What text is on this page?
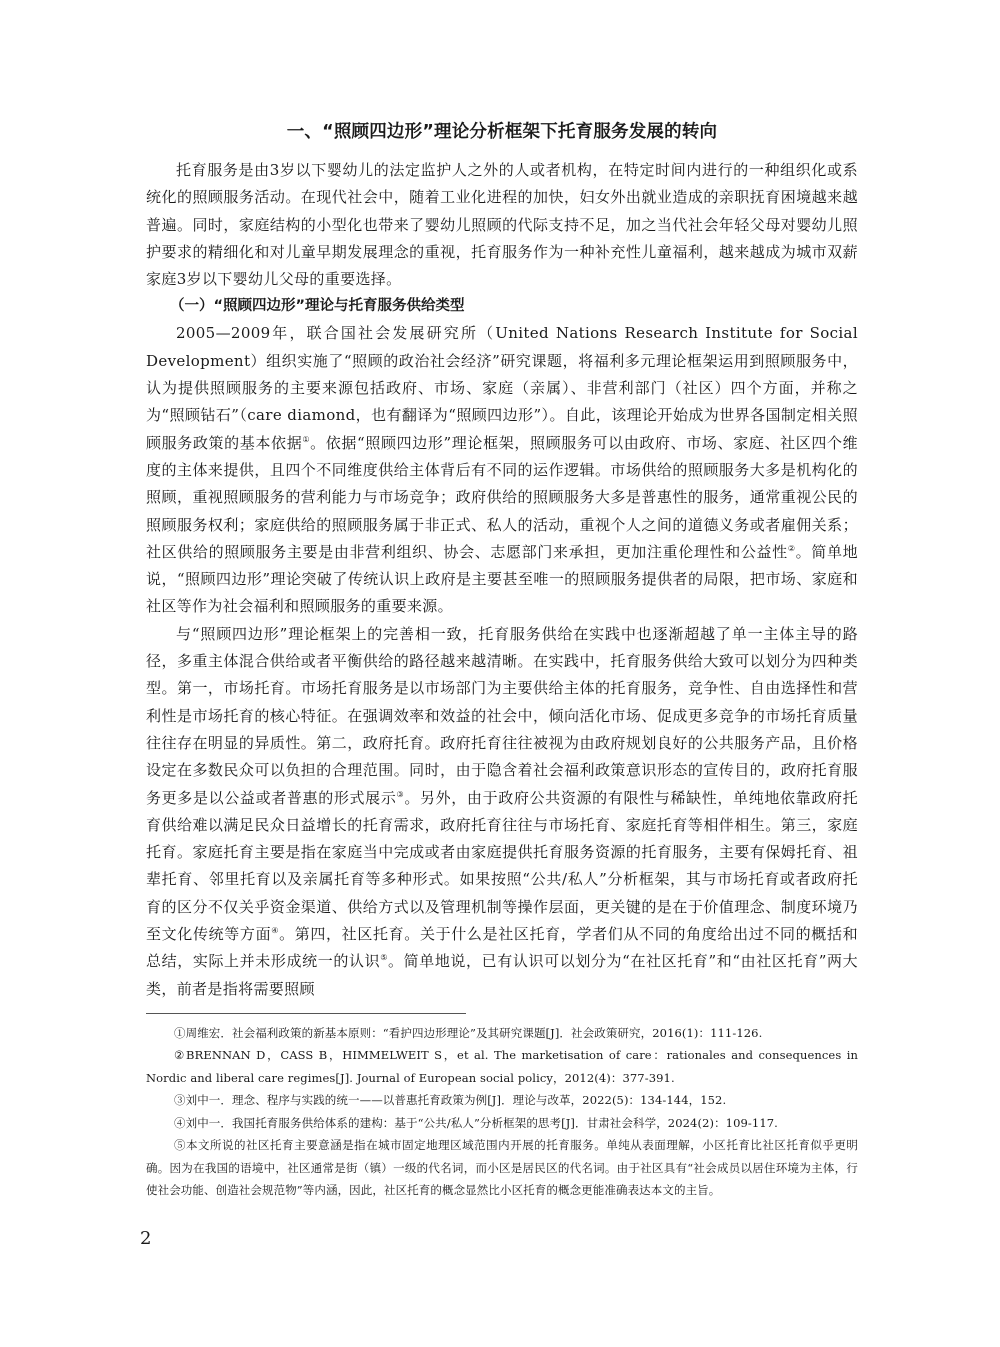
一、“照顾四边形”理论分析框架下托育服务发展的转向

托育服务是由3岁以下婴幼儿的法定监护人之外的人或者机构，在特定时间内进行的一种组织化或系统化的照顾服务活动。在现代社会中，随着工业化进程的加快，妇女外出就业造成的亲职抚育困境越来越普遍。同时，家庭结构的小型化也带来了婴幼儿照顾的代际支持不足，加之当代社会年轻父母对婴幼儿照护要求的精细化和对儿童早期发展理念的重视，托育服务作为一种补充性儿童福利，越来越成为城市双薪家庭3岁以下婴幼儿父母的重要选择。

（一）“照顾四边形”理论与托育服务供给类型

2005—2009年，联合国社会发展研究所（United Nations Research Institute for Social Development）组织实施了“照顾的政治社会经济”研究课题，将福利多元理论框架运用到照顾服务中，认为提供照顾服务的主要来源包括政府、市场、家庭（亲属）、非营利部门（社区）四个方面，并称之为“照顾钻石”（care diamond，也有翻译为“照顾四边形”）。自此，该理论开始成为世界各国制定相关照顾服务政策的基本依据①。依据“照顾四边形”理论框架，照顾服务可以由政府、市场、家庭、社区四个维度的主体来提供，且四个不同维度供给主体背后有不同的运作逻辑。市场供给的照顾服务大多是机构化的照顾，重视照顾服务的营利能力与市场竞争；政府供给的照顾服务大多是普惠性的服务，通常重视公民的照顾服务权利；家庭供给的照顾服务属于非正式、私人的活动，重视个人之间的道德义务或者雇佣关系；社区供给的照顾服务主要是由非营利组织、协会、志愿部门来承担，更加注重伦理性和公益性②。简单地说，“照顾四边形”理论突破了传统认识上政府是主要甚至唯一的照顾服务提供者的局限，把市场、家庭和社区等作为社会福利和照顾服务的重要来源。

与“照顾四边形”理论框架上的完善相一致，托育服务供给在实践中也逐渐超越了单一主体主导的路径，多重主体混合供给或者平衡供给的路径越来越清晰。在实践中，托育服务供给大致可以划分为四种类型。第一，市场托育。市场托育服务是以市场部门为主要供给主体的托育服务，竞争性、自由选择性和营利性是市场托育的核心特征。在强调效率和效益的社会中，倾向活化市场、促成更多竞争的市场托育质量往往存在明显的异质性。第二，政府托育。政府托育往往被视为由政府规划良好的公共服务产品，且价格设定在多数民众可以负担的合理范围。同时，由于隐含着社会福利政策意识形态的宣传目的，政府托育服务更多是以公益或者普惠的形式展示③。另外，由于政府公共资源的有限性与稀缺性，单纯地依靠政府托育供给难以满足民众日益增长的托育需求，政府托育往往与市场托育、家庭托育等相伴相生。第三，家庭托育。家庭托育主要是指在家庭当中完成或者由家庭提供托育服务资源的托育服务，主要有保姆托育、祖辈托育、邻里托育以及亲属托育等多种形式。如果按照“公共/私人”分析框架，其与市场托育或者政府托育的区分不仅关乎资金渠道、供给方式以及管理机制等操作层面，更关键的是在于价值理念、制度环境乃至文化传统等方面④。第四，社区托育。关于什么是社区托育，学者们从不同的角度给出过不同的概括和总结，实际上并未形成统一的认识⑤。简单地说，已有认识可以划分为“在社区托育”和“由社区托育”两大类，前者是指将需要照顾

①周维宏．社会福利政策的新基本原则：“看护四边形理论”及其研究课题[J]．社会政策研究，2016(1)：111-126.

②BRENNAN D，CASS B，HIMMELWEIT S，et al. The marketisation of care：rationales and consequences in Nordic and liberal care regimes[J]. Journal of European social policy，2012(4)：377-391.

③刘中一．理念、程序与实践的统一——以普惠托育政策为例[J]．理论与改革，2022(5)：134-144，152.

④刘中一．我国托育服务供给体系的建构：基于“公共/私人”分析框架的思考[J]．甘肃社会科学，2024(2)：109-117.

⑤本文所说的社区托育主要意涵是指在城市固定地理区域范围内开展的托育服务。单纯从表面理解，小区托育比社区托育似乎更明确。因为在我国的语境中，社区通常是街（镇）一级的代名词，而小区是居民区的代名词。由于社区具有“社会成员以居住环境为主体，行使社会功能、创造社会规范物”等内涵，因此，社区托育的概念显然比小区托育的概念更能准确表达本文的主旨。

2
